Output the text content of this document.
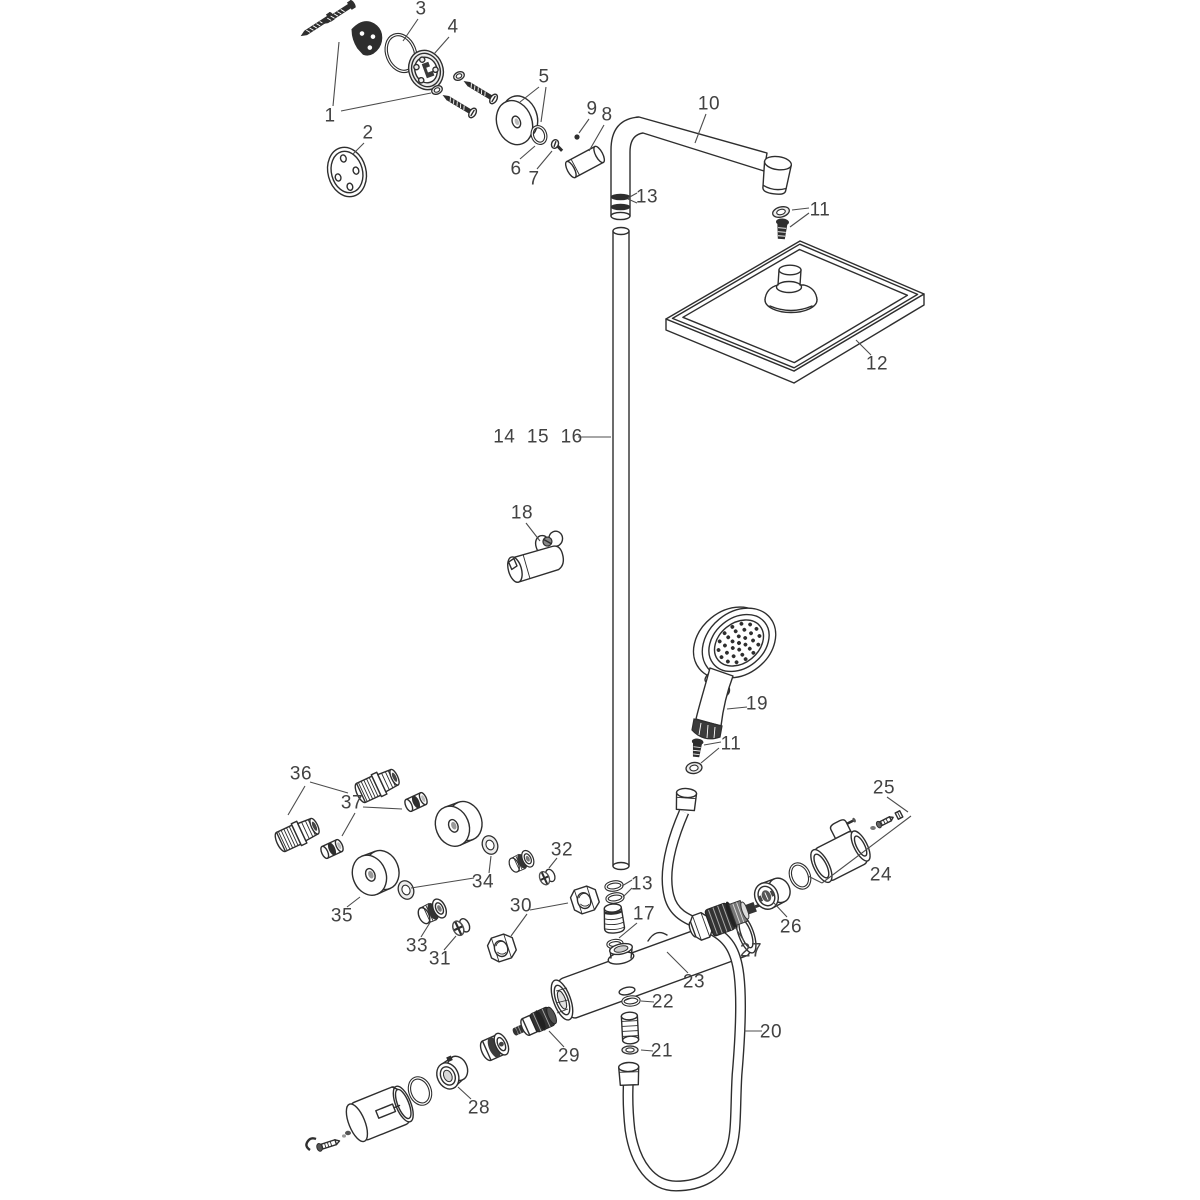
1
2
3
4
5
6 7
9 8
10
11
12
13
14  15  16
18
19
11
13
17
23
22
21
20
29
28
36
37
35
34
33
31
30
32
26
27
24
25
